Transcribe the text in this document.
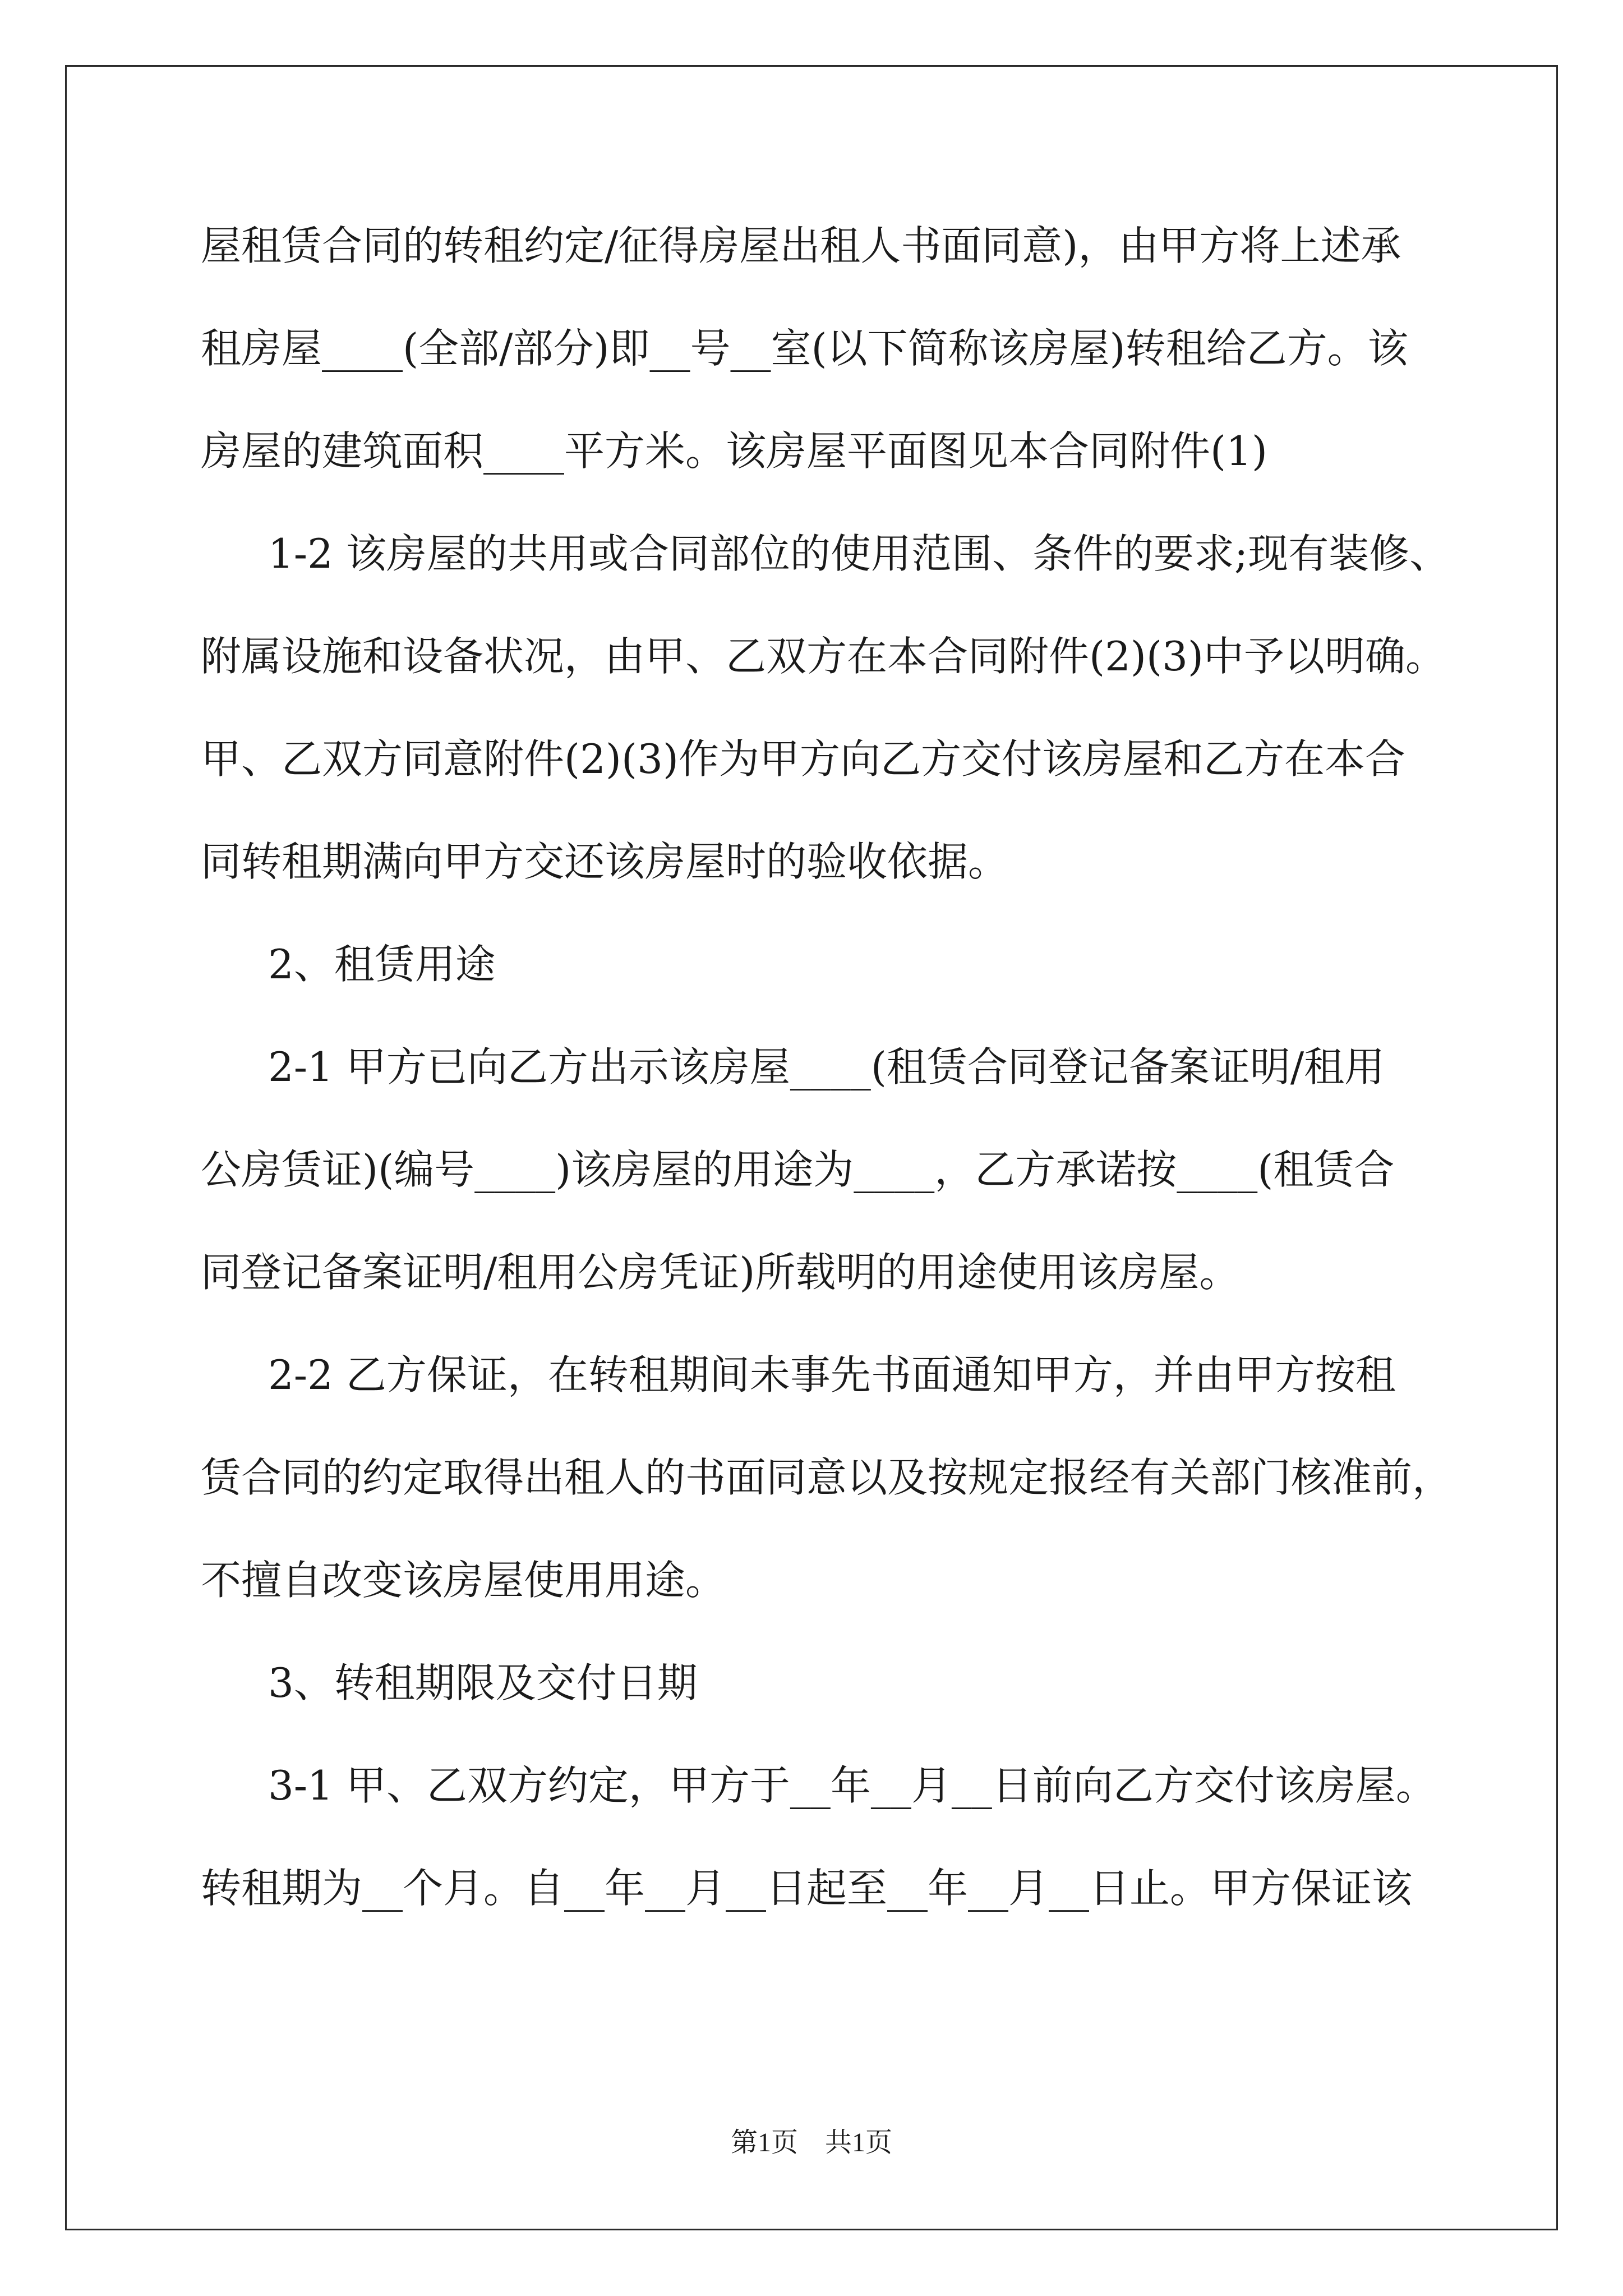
屋租赁合同的转租约定/征得房屋出租人书面同意)，由甲方将上述承
租房屋____(全部/部分)即__号__室(以下简称该房屋)转租给乙方。该
房屋的建筑面积____平方米。该房屋平面图见本合同附件(1)
1-2 该房屋的共用或合同部位的使用范围、条件的要求;现有装修、
附属设施和设备状况，由甲、乙双方在本合同附件(2)(3)中予以明确。
甲、乙双方同意附件(2)(3)作为甲方向乙方交付该房屋和乙方在本合
同转租期满向甲方交还该房屋时的验收依据。
2、租赁用途
2-1 甲方已向乙方出示该房屋____(租赁合同登记备案证明/租用
公房赁证)(编号____)该房屋的用途为____，乙方承诺按____(租赁合
同登记备案证明/租用公房凭证)所载明的用途使用该房屋。
2-2 乙方保证，在转租期间未事先书面通知甲方，并由甲方按租
赁合同的约定取得出租人的书面同意以及按规定报经有关部门核准前，
不擅自改变该房屋使用用途。
3、转租期限及交付日期
3-1 甲、乙双方约定，甲方于__年__月__日前向乙方交付该房屋。
转租期为__个月。自__年__月__日起至__年__月__日止。甲方保证该
第1页　共1页
